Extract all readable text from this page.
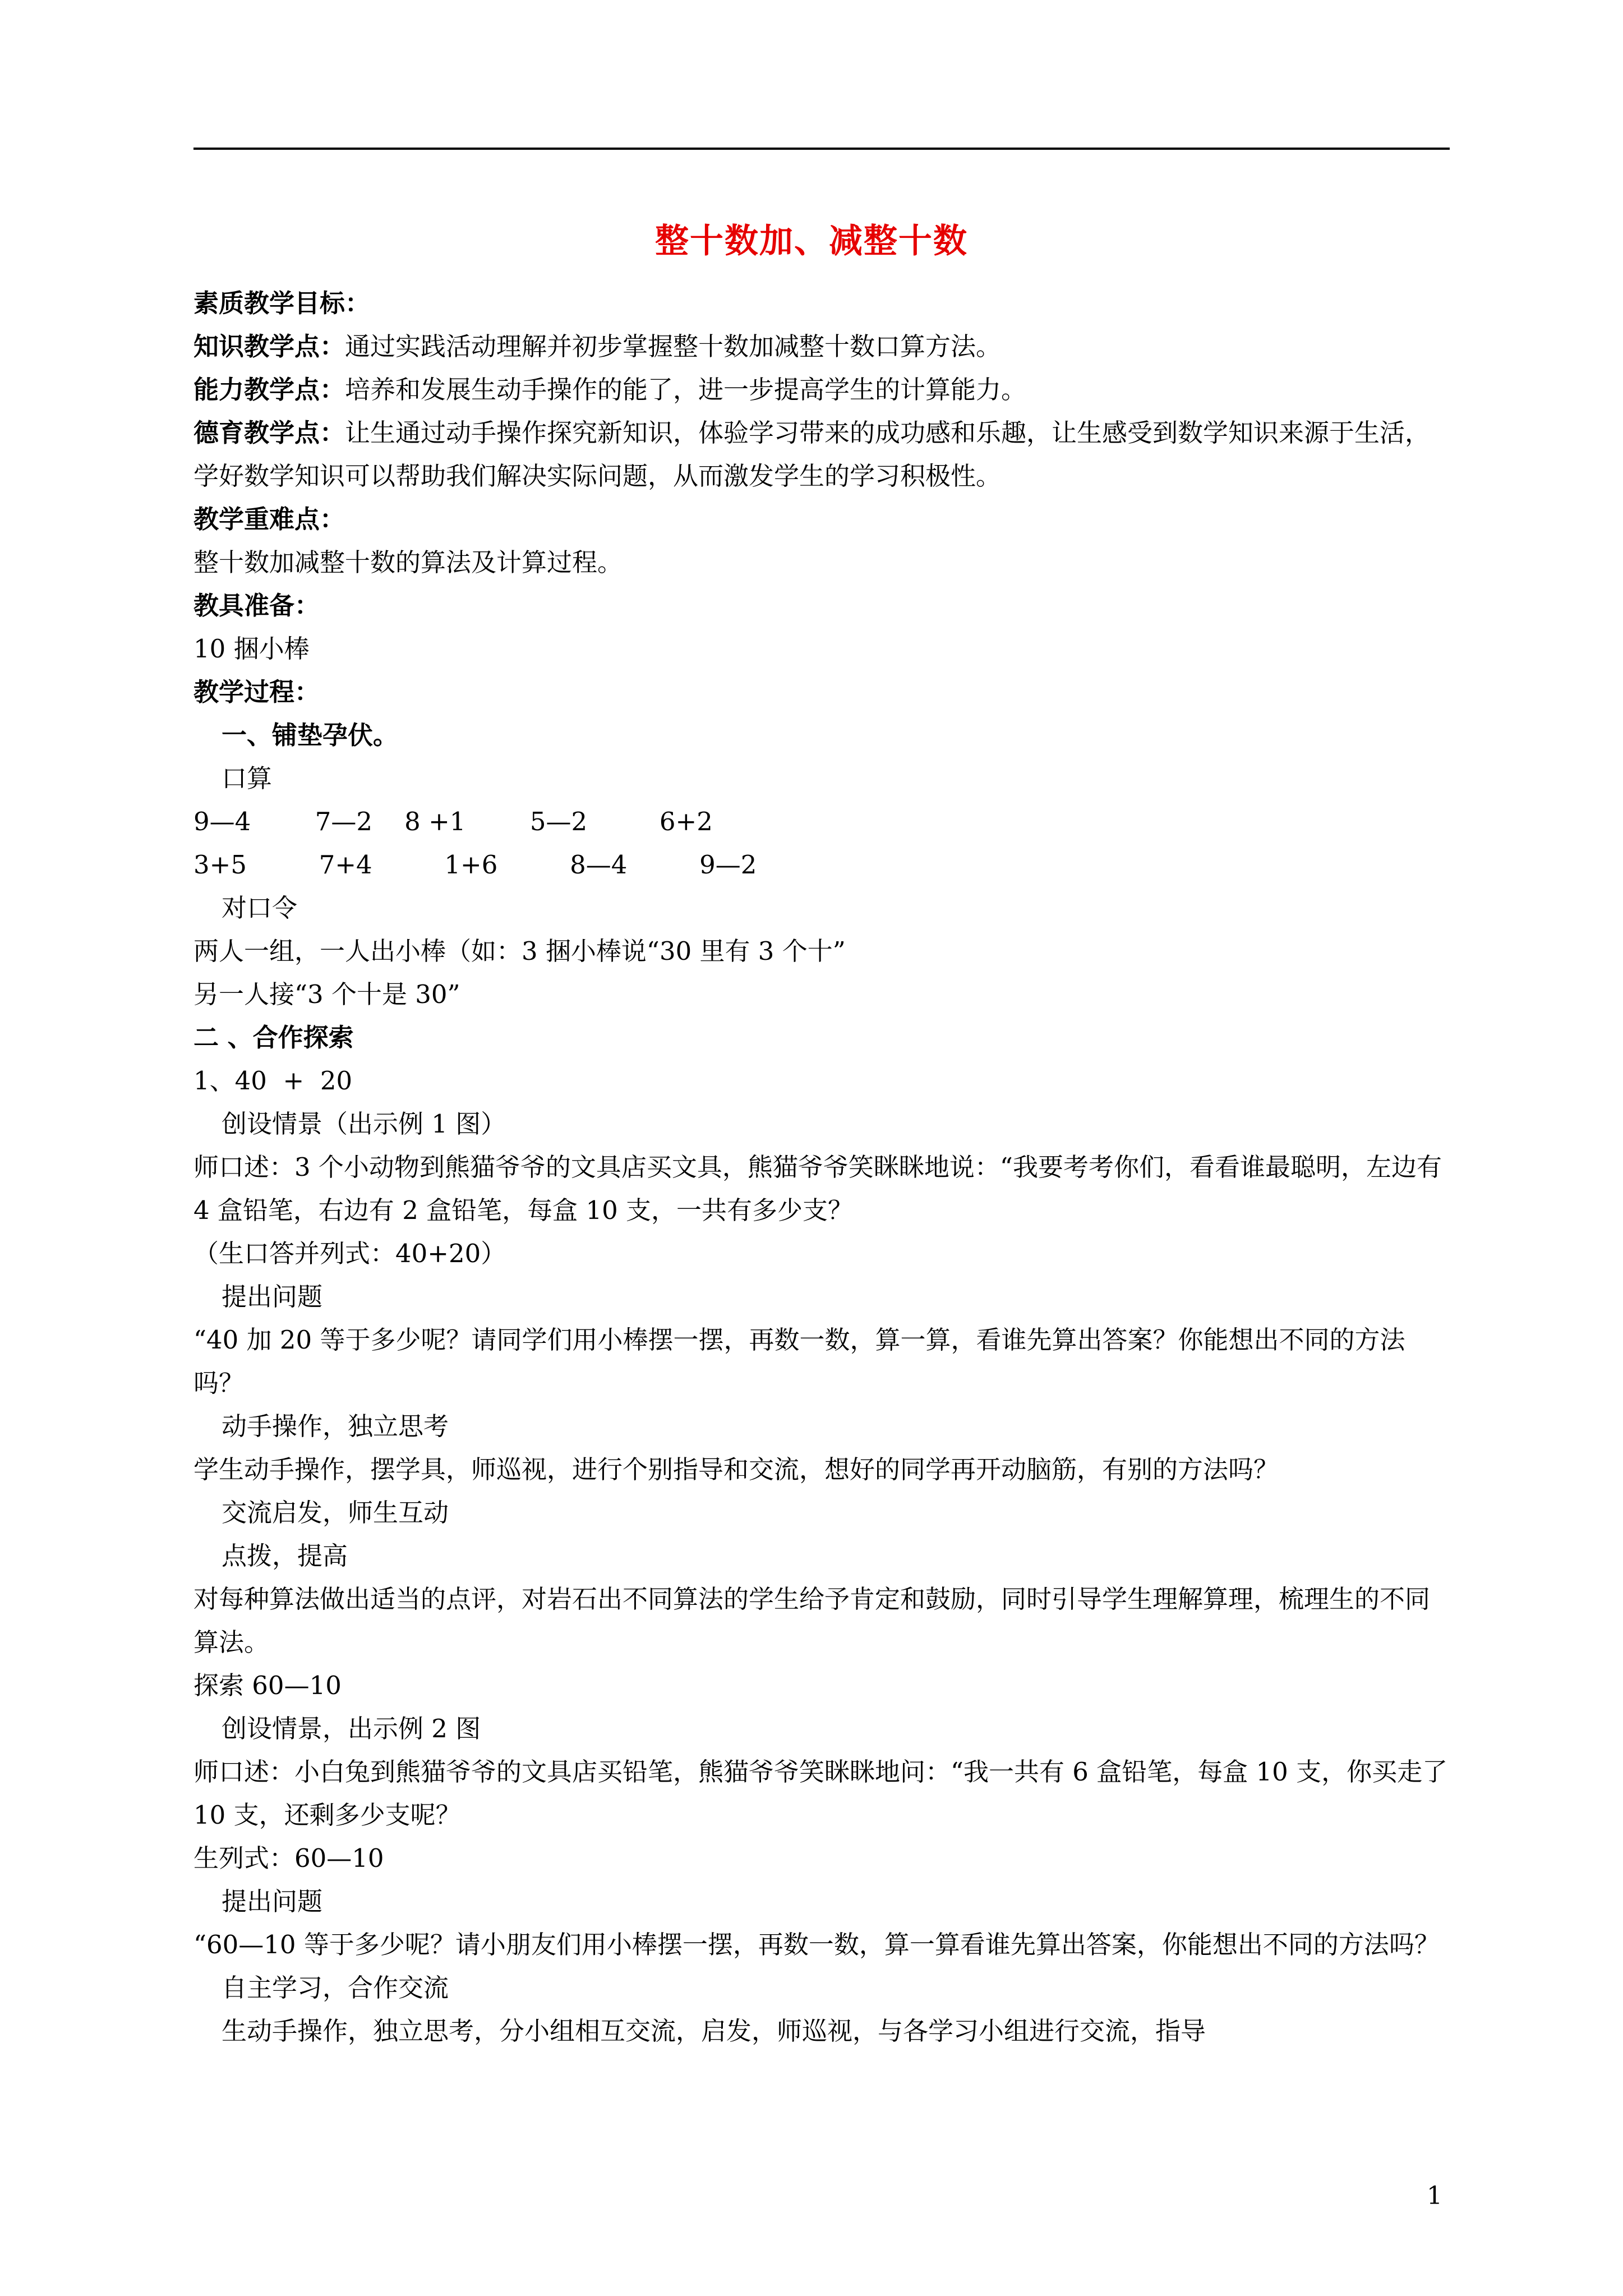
整十数加、减整十数
素质教学目标：
知识教学点：通过实践活动理解并初步掌握整十数加减整十数口算方法。
能力教学点：培养和发展生动手操作的能了，进一步提高学生的计算能力。
德育教学点：让生通过动手操作探究新知识，体验学习带来的成功感和乐趣，让生感受到数学知识来源于生活，学好数学知识可以帮助我们解决实际问题，从而激发学生的学习积极性。
教学重难点：
整十数加减整十数的算法及计算过程。
教具准备：
10 捆小棒
教学过程：
一、铺垫孕伏。
口算
9—4        7—2    8 +1        5—2         6+2
3+5         7+4         1+6         8—4         9—2
对口令
两人一组，一人出小棒（如：3 捆小棒说“30 里有 3 个十”
另一人接“3 个十是 30”
二 、合作探索
1、40  +  20
创设情景（出示例 1 图）
师口述：3 个小动物到熊猫爷爷的文具店买文具，熊猫爷爷笑眯眯地说：“我要考考你们，看看谁最聪明，左边有 4 盒铅笔，右边有 2 盒铅笔，每盒 10 支，一共有多少支？
（生口答并列式：40+20）
提出问题
“40 加 20 等于多少呢？请同学们用小棒摆一摆，再数一数，算一算，看谁先算出答案？你能想出不同的方法吗？
动手操作，独立思考
学生动手操作，摆学具，师巡视，进行个别指导和交流，想好的同学再开动脑筋，有别的方法吗？
交流启发，师生互动
点拨，提高
对每种算法做出适当的点评，对岩石出不同算法的学生给予肯定和鼓励，同时引导学生理解算理，梳理生的不同算法。
探索 60—10
创设情景，出示例 2 图
师口述：小白兔到熊猫爷爷的文具店买铅笔，熊猫爷爷笑眯眯地问：“我一共有 6 盒铅笔，每盒 10 支，你买走了 10 支，还剩多少支呢？
生列式：60—10
提出问题
“60—10 等于多少呢？请小朋友们用小棒摆一摆，再数一数，算一算看谁先算出答案，你能想出不同的方法吗？
自主学习，合作交流
生动手操作，独立思考，分小组相互交流，启发，师巡视，与各学习小组进行交流，指导
1
